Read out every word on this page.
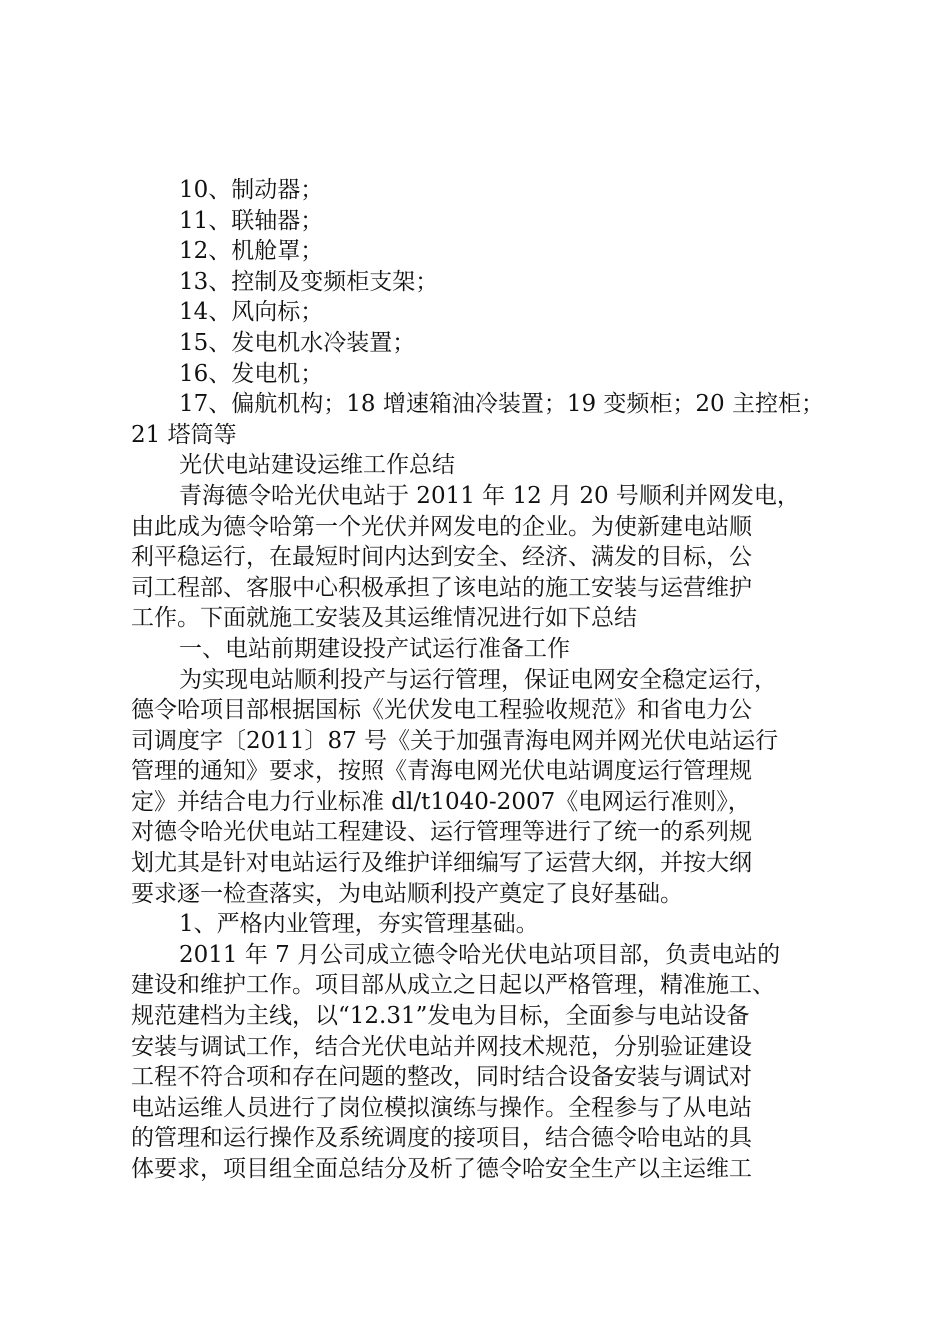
10、制动器；
11、联轴器；
12、机舱罩；
13、控制及变频柜支架；
14、风向标；
15、发电机水冷装置；
16、发电机；
17、偏航机构；18 增速箱油冷装置；19 变频柜；20 主控柜；
21 塔筒等
光伏电站建设运维工作总结
青海德令哈光伏电站于 2011 年 12 月 20 号顺利并网发电，
由此成为德令哈第一个光伏并网发电的企业。为使新建电站顺
利平稳运行，在最短时间内达到安全、经济、满发的目标，公
司工程部、客服中心积极承担了该电站的施工安装与运营维护
工作。下面就施工安装及其运维情况进行如下总结
一、电站前期建设投产试运行准备工作
为实现电站顺利投产与运行管理，保证电网安全稳定运行，
德令哈项目部根据国标《光伏发电工程验收规范》和省电力公
司调度字〔2011〕87 号《关于加强青海电网并网光伏电站运行
管理的通知》要求，按照《青海电网光伏电站调度运行管理规
定》并结合电力行业标准 dl/t1040-2007《电网运行准则》，
对德令哈光伏电站工程建设、运行管理等进行了统一的系列规
划尤其是针对电站运行及维护详细编写了运营大纲，并按大纲
要求逐一检查落实，为电站顺利投产奠定了良好基础。
1、严格内业管理，夯实管理基础。
2011 年 7 月公司成立德令哈光伏电站项目部，负责电站的
建设和维护工作。项目部从成立之日起以严格管理，精准施工、
规范建档为主线，以“12.31”发电为目标，全面参与电站设备
安装与调试工作，结合光伏电站并网技术规范，分别验证建设
工程不符合项和存在问题的整改，同时结合设备安装与调试对
电站运维人员进行了岗位模拟演练与操作。全程参与了从电站
的管理和运行操作及系统调度的接项目，结合德令哈电站的具
体要求，项目组全面总结分及析了德令哈安全生产以主运维工
